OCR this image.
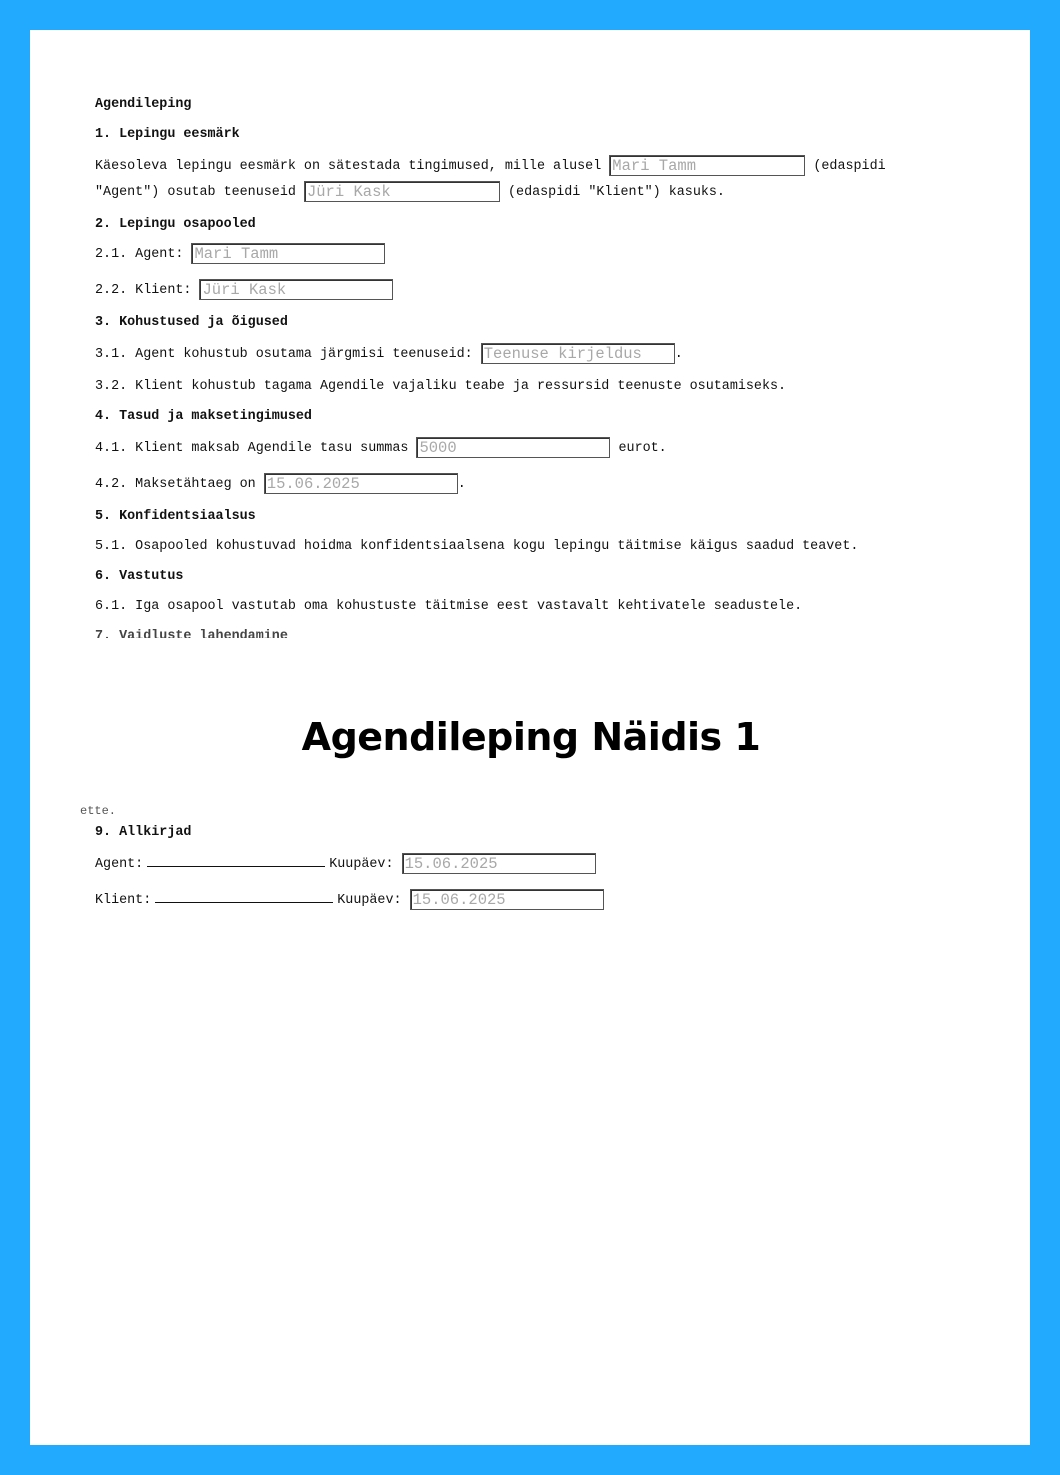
Agendileping

1. Lepingu eesmärk

Käesoleva lepingu eesmärk on sätestada tingimused, mille alusel Mari Tamm	(edaspidi
"Agent") osutab teenuseid Jüri Kask	(edaspidi "Klient") kasuks.

2. Lepingu osapooled

2.1. Agent: Mari Tamm

2.2. Klient: Jüri Kask

3. Kohustused ja õigused

3.1. Agent kohustub osutama järgmisi teenuseid: Teenuse kirjeldus .

3.2. Klient kohustub tagama Agendile vajaliku teabe ja ressursid teenuste osutamiseks.

4. Tasud ja maksetingimused

4.1. Klient maksab Agendile tasu summas 5000	eurot.

4.2. Maksetähtaeg on 15.06.2025	.

5. Konfidentsiaalsus

5.1. Osapooled kohustuvad hoidma konfidentsiaalsena kogu lepingu täitmise käigus saadud teavet.

6. Vastutus

6.1. Iga osapool vastutab oma kohustuste täitmise eest vastavalt kehtivatele seadustele.

7. Vaidluste lahendamine

Agendileping Näidis 1

ette.

9. Allkirjad

Agent:	Kuupäev: 15.06.2025

Klient:	Kuupäev: 15.06.2025
